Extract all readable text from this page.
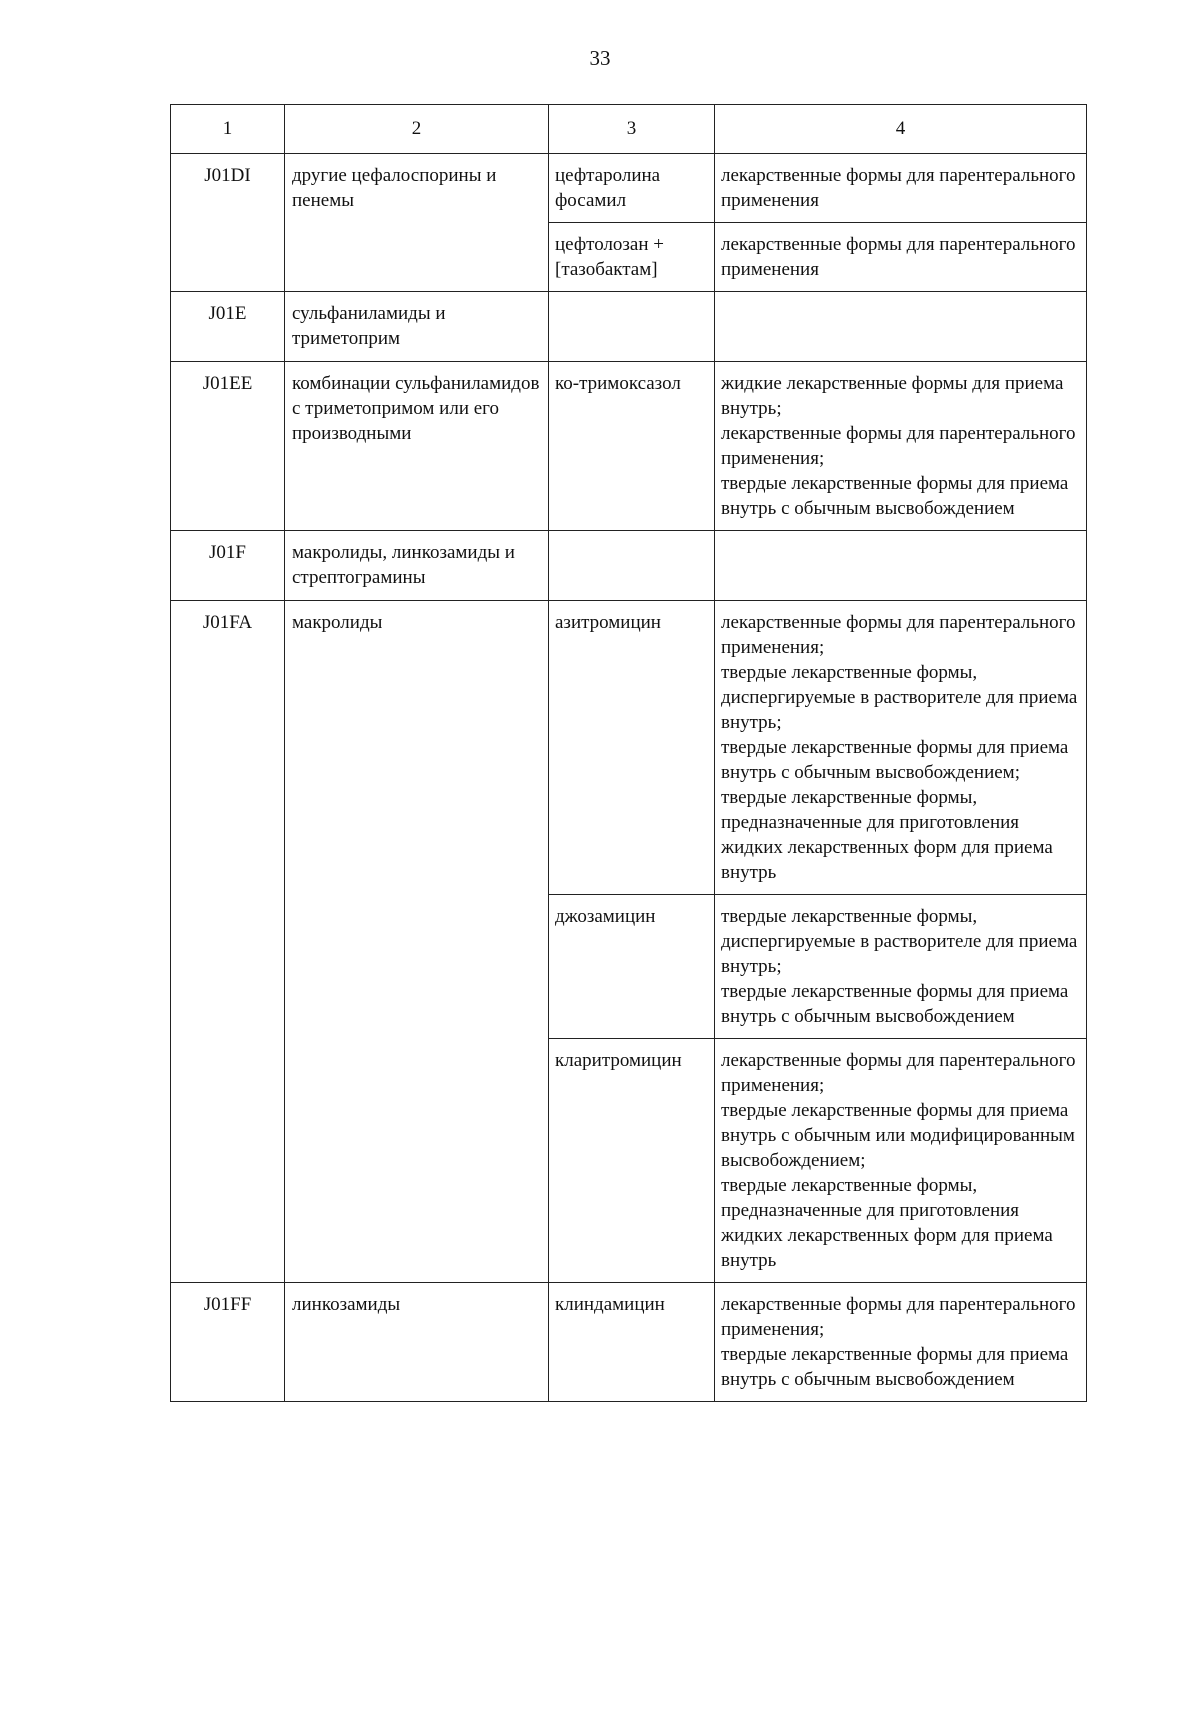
33
1	2	3	4
J01DI	другие цефалоспорины и пенемы	цефтаролина фосамил	лекарственные формы для парентерального применения

		цефтолозан + [тазобактам]	лекарственные формы для парентерального применения

J01E	сульфаниламиды и триметоприм		
J01EE	комбинации сульфаниламидов с триметопримом или его производными	ко-тримоксазол	жидкие лекарственные формы для приема внутрь;
лекарственные формы для парентерального применения;
твердые лекарственные формы для приема внутрь с обычным высвобождением

J01F	макролиды, линкозамиды и стрептограмины		
J01FA	макролиды	азитромицин	лекарственные формы для парентерального применения;
твердые лекарственные формы, диспергируемые в растворителе для приема внутрь;
твердые лекарственные формы для приема внутрь с обычным высвобождением;
твердые лекарственные формы, предназначенные для приготовления жидких лекарственных форм для приема внутрь

		джозамицин	твердые лекарственные формы, диспергируемые в растворителе для приема внутрь;
твердые лекарственные формы для приема внутрь с обычным высвобождением

		кларитромицин	лекарственные формы для парентерального применения;
твердые лекарственные формы для приема внутрь с обычным или модифицированным высвобождением;
твердые лекарственные формы, предназначенные для приготовления жидких лекарственных форм для приема внутрь

J01FF	линкозамиды	клиндамицин	лекарственные формы для парентерального применения;
твердые лекарственные формы для приема внутрь с обычным высвобождением
